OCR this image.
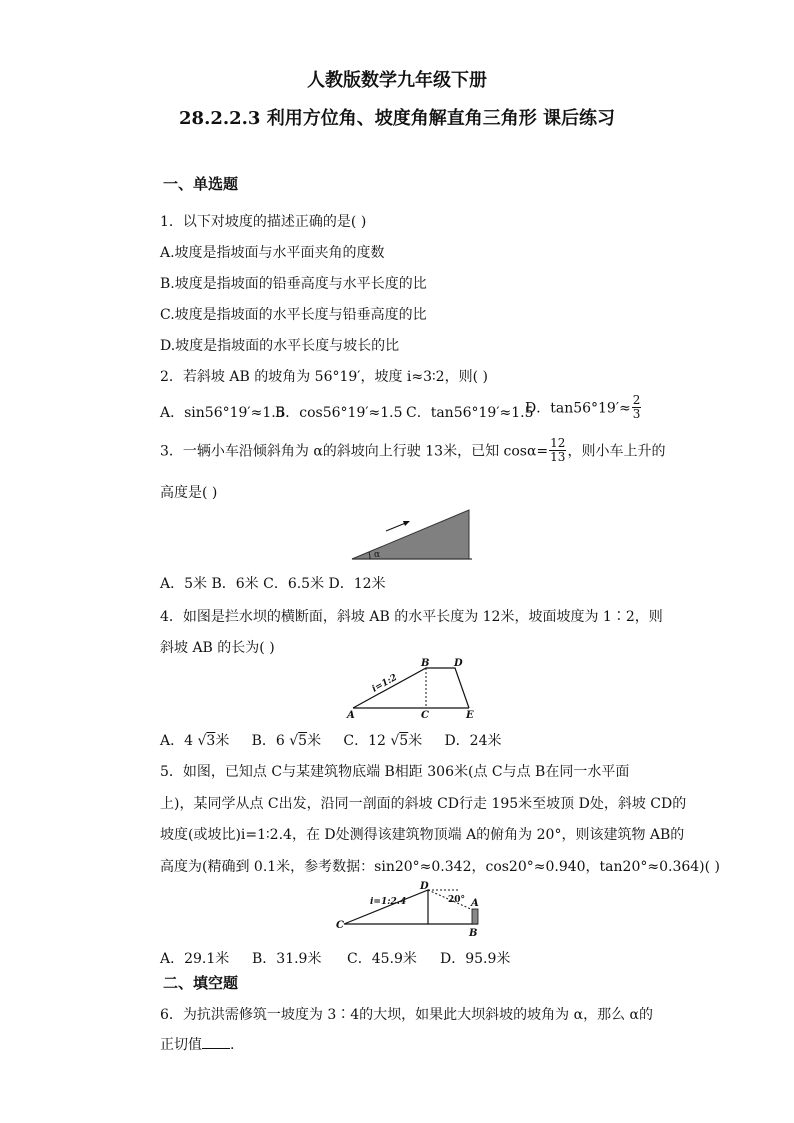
人教版数学九年级下册
28.2.2.3 利用方位角、坡度角解直角三角形 课后练习
一、单选题
1．以下对坡度的描述正确的是( )
A.坡度是指坡面与水平面夹角的度数
B.坡度是指坡面的铅垂高度与水平长度的比
C.坡度是指坡面的水平长度与铅垂高度的比
D.坡度是指坡面的水平长度与坡长的比
2．若斜坡 AB 的坡角为 56°19′，坡度 i≈3∶2，则( )
A．sin56°19′≈1.5
B．cos56°19′≈1.5 C．tan56°19′≈1.5
D．$\tan 56^\circ 19'\approx \frac{2}{3}$
3．一辆小车沿倾斜角为 α的斜坡向上行驶 13米，已知 $\cos\alpha= \frac{12}{13}$ ，则小车上升的
高度是( )
α
A．5米 B．6米 C．6.5米 D．12米
4．如图是拦水坝的横断面，斜坡 AB 的水平长度为 12米，坡面坡度为 1∶2，则
斜坡 AB 的长为( )
i=1:2
A
B
C
D
E
A．4 √3米 B．6 √5米 C．12 √5米 D．24米
5．如图，已知点 C与某建筑物底端 B相距 306米(点 C与点 B在同一水平面
上)，某同学从点 C出发，沿同一剖面的斜坡 CD行走 195米至坡顶 D处，斜坡 CD的
坡度(或坡比)i=1∶2.4，在 D处测得该建筑物顶端 A的俯角为 20°，则该建筑物 AB的
高度为(精确到 0.1米，参考数据：sin20°≈0.342，cos20°≈0.940，tan20°≈0.364)( )
i=1:2.4	20° A
B
C
D
A．29.1米 B．31.9米 C．45.9米 D．95.9米
二、填空题
6．为抗洪需修筑一坡度为 3∶4的大坝，如果此大坝斜坡的坡角为 α，那么 α的
正切值 .
